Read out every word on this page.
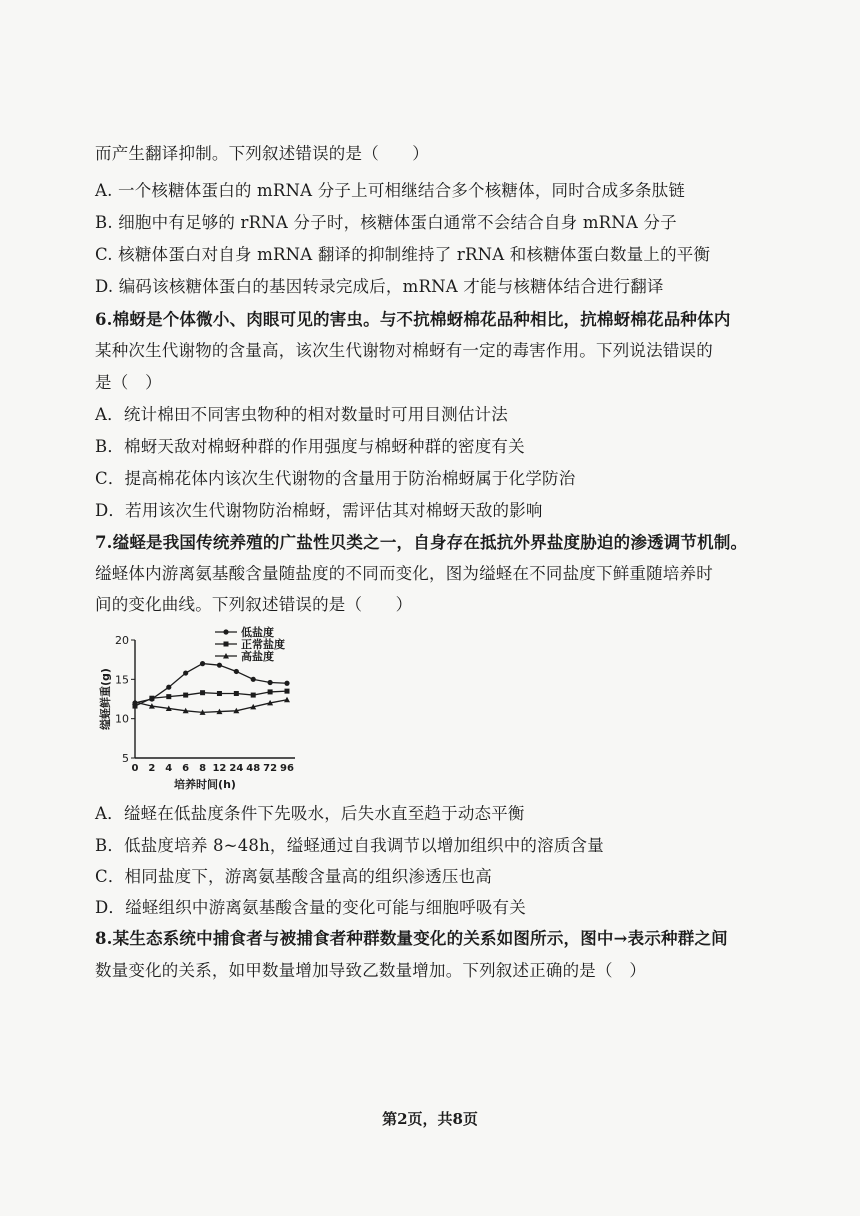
而产生翻译抑制。下列叙述错误的是（　　）
A. 一个核糖体蛋白的 mRNA 分子上可相继结合多个核糖体，同时合成多条肽链
B. 细胞中有足够的 rRNA 分子时，核糖体蛋白通常不会结合自身 mRNA 分子
C. 核糖体蛋白对自身 mRNA 翻译的抑制维持了 rRNA 和核糖体蛋白数量上的平衡
D. 编码该核糖体蛋白的基因转录完成后，mRNA 才能与核糖体结合进行翻译
6.棉蚜是个体微小、肉眼可见的害虫。与不抗棉蚜棉花品种相比，抗棉蚜棉花品种体内
某种次生代谢物的含量高，该次生代谢物对棉蚜有一定的毒害作用。下列说法错误的
是（　）
A．统计棉田不同害虫物种的相对数量时可用目测估计法
B．棉蚜天敌对棉蚜种群的作用强度与棉蚜种群的密度有关
C．提高棉花体内该次生代谢物的含量用于防治棉蚜属于化学防治
D．若用该次生代谢物防治棉蚜，需评估其对棉蚜天敌的影响
7.缢蛏是我国传统养殖的广盐性贝类之一，自身存在抵抗外界盐度胁迫的渗透调节机制。
缢蛏体内游离氨基酸含量随盐度的不同而变化，图为缢蛏在不同盐度下鲜重随培养时
间的变化曲线。下列叙述错误的是（　　）
5
10
15
20
0 2 4 6 8 12 24 48 72 96
培养时间(h)
缢蛏鲜重(g)
低盐度
正常盐度
高盐度
A．缢蛏在低盐度条件下先吸水，后失水直至趋于动态平衡
B．低盐度培养 8~48h，缢蛏通过自我调节以增加组织中的溶质含量
C．相同盐度下，游离氨基酸含量高的组织渗透压也高
D．缢蛏组织中游离氨基酸含量的变化可能与细胞呼吸有关
8.某生态系统中捕食者与被捕食者种群数量变化的关系如图所示，图中→表示种群之间
数量变化的关系，如甲数量增加导致乙数量增加。下列叙述正确的是（　）
第2页，共8页
